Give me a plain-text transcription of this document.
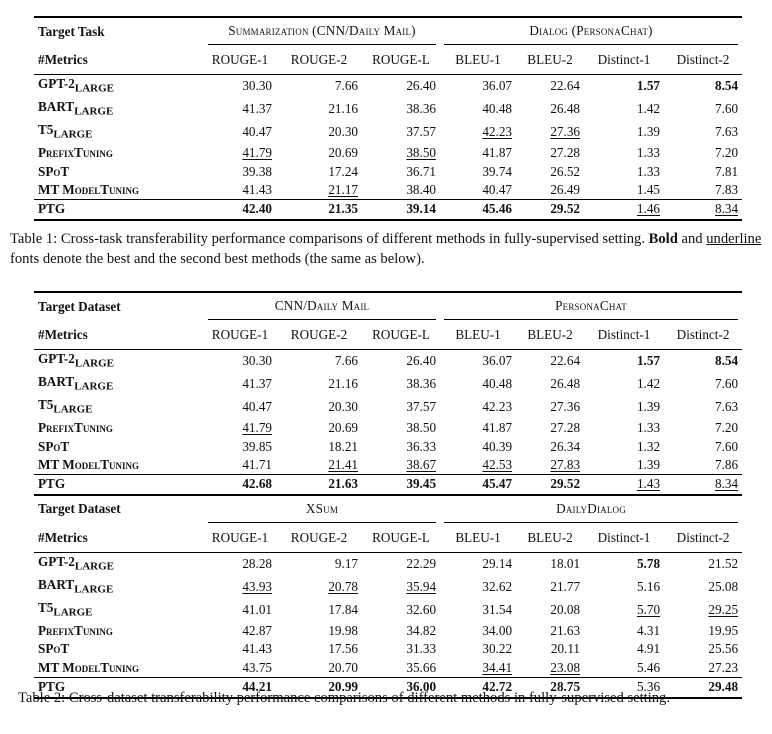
Target Task	Summarization (CNN/Daily Mail)			Dialog (PersonaChat)			

#Metrics	ROUGE-1	ROUGE-2	ROUGE-L	BLEU-1	BLEU-2	Distinct-1	Distinct-2
GPT-$2_{LARGE}$	30.30	7.66	26.40	36.07	22.64	1.57	8.54
$BART_{LARGE}$	41.37	21.16	38.36	40.48	26.48	1.42	7.60
$T5_{LARGE}$	40.47	20.30	37.57	42.23	27.36	1.39	7.63
PrefixTuning	41.79	20.69	38.50	41.87	27.28	1.33	7.20
SPoT	39.38	17.24	36.71	39.74	26.52	1.33	7.81
MT ModelTuning	41.43	21.17	38.40	40.47	26.49	1.45	7.83
PTG	42.40	21.35	39.14	45.46	29.52	1.46	8.34
Table 1: Cross-task transferability performance comparisons of different methods in fully-supervised setting. Bold and underline fonts denote the best and the second best methods (the same as below).
Target Dataset	CNN/Daily Mail			PersonaChat			

#Metrics	ROUGE-1	ROUGE-2	ROUGE-L	BLEU-1	BLEU-2	Distinct-1	Distinct-2
GPT-$2_{LARGE}$	30.30	7.66	26.40	36.07	22.64	1.57	8.54
$BART_{LARGE}$	41.37	21.16	38.36	40.48	26.48	1.42	7.60
$T5_{LARGE}$	40.47	20.30	37.57	42.23	27.36	1.39	7.63
PrefixTuning	41.79	20.69	38.50	41.87	27.28	1.33	7.20
SPoT	39.85	18.21	36.33	40.39	26.34	1.32	7.60
MT ModelTuning	41.71	21.41	38.67	42.53	27.83	1.39	7.86
PTG	42.68	21.63	39.45	45.47	29.52	1.43	8.34
Target Dataset	XSum			DailyDialog			

#Metrics	ROUGE-1	ROUGE-2	ROUGE-L	BLEU-1	BLEU-2	Distinct-1	Distinct-2
GPT-$2_{LARGE}$	28.28	9.17	22.29	29.14	18.01	5.78	21.52
$BART_{LARGE}$	43.93	20.78	35.94	32.62	21.77	5.16	25.08
$T5_{LARGE}$	41.01	17.84	32.60	31.54	20.08	5.70	29.25
PrefixTuning	42.87	19.98	34.82	34.00	21.63	4.31	19.95
SPoT	41.43	17.56	31.33	30.22	20.11	4.91	25.56
MT ModelTuning	43.75	20.70	35.66	34.41	23.08	5.46	27.23
PTG	44.21	20.99	36.00	42.72	28.75	5.36	29.48
Table 2: Cross-dataset transferability performance comparisons of different methods in fully-supervised setting.
